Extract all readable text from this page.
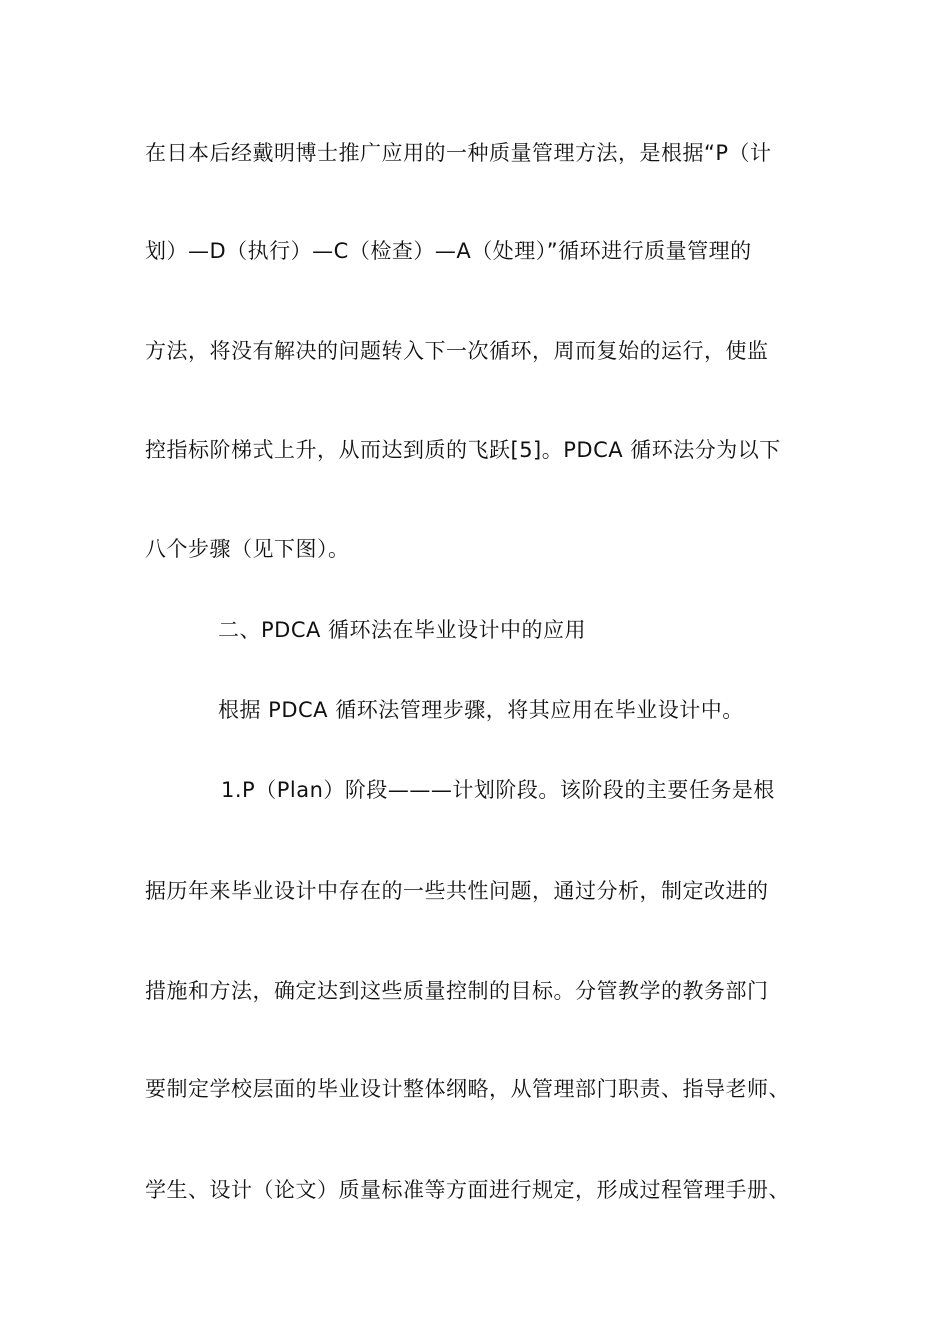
在日本后经戴明博士推广应用的一种质量管理方法，是根据“P（计
划）—D（执行）—C（检查）—A（处理）”循环进行质量管理的
方法，将没有解决的问题转入下一次循环，周而复始的运行，使监
控指标阶梯式上升，从而达到质的飞跃[5]。PDCA 循环法分为以下
八个步骤（见下图）。
二、PDCA 循环法在毕业设计中的应用
根据 PDCA 循环法管理步骤，将其应用在毕业设计中。
1.P（Plan）阶段———计划阶段。该阶段的主要任务是根
据历年来毕业设计中存在的一些共性问题，通过分析，制定改进的
措施和方法，确定达到这些质量控制的目标。分管教学的教务部门
要制定学校层面的毕业设计整体纲略，从管理部门职责、指导老师、
学生、设计（论文）质量标准等方面进行规定，形成过程管理手册、
